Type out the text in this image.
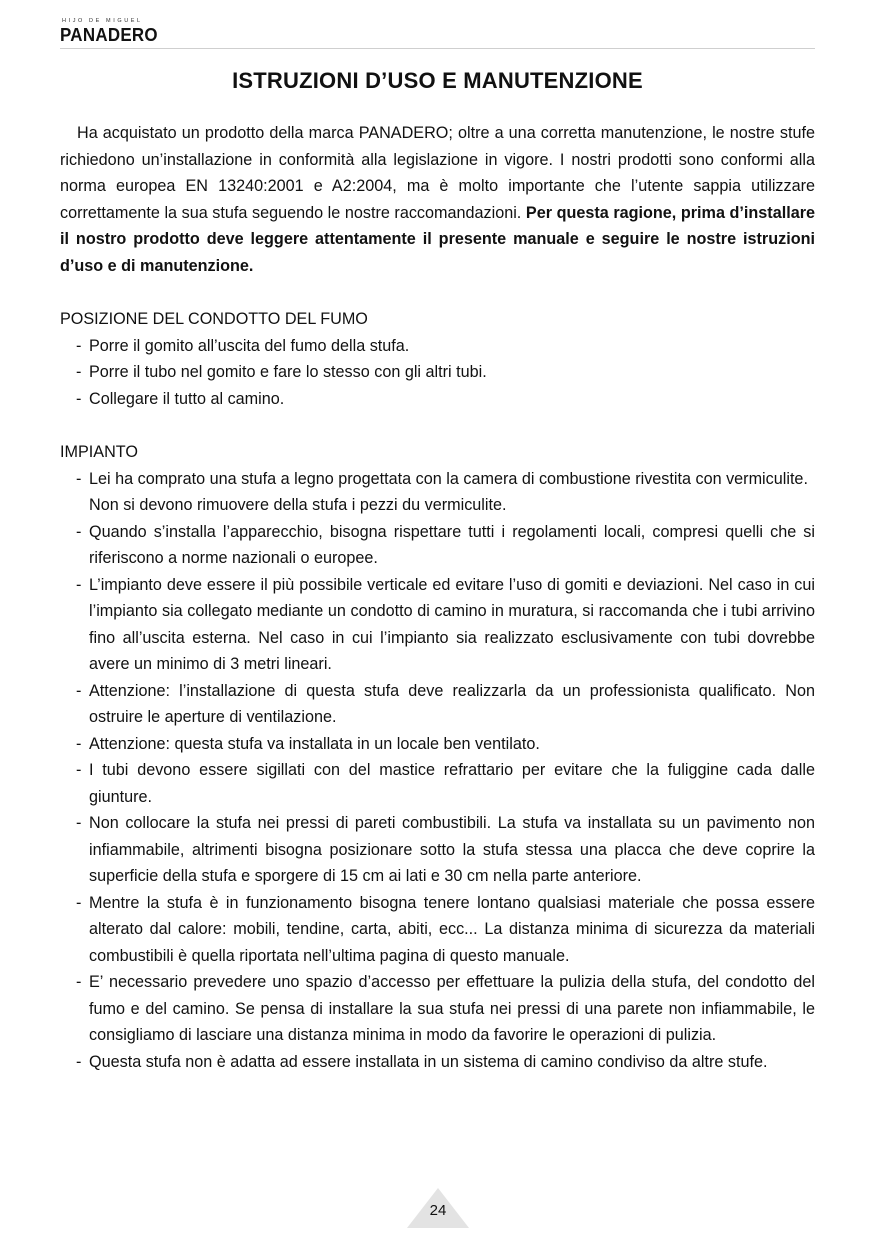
HIJO DE MIGUEL
PANADERO
ISTRUZIONI D’USO E MANUTENZIONE

Ha acquistato un prodotto della marca PANADERO; oltre a una corretta manutenzione, le nostre stufe richiedono un’installazione in conformità alla legislazione in vigore. I nostri prodotti sono conformi alla norma europea EN 13240:2001 e A2:2004, ma è molto importante che l’utente sappia utilizzare correttamente la sua stufa seguendo le nostre raccomandazioni. Per questa ragione, prima d’installare il nostro prodotto deve leggere attentamente il presente manuale e seguire le nostre istruzioni d’uso e di manutenzione.

POSIZIONE DEL CONDOTTO DEL FUMO
- Porre il gomito all’uscita del fumo della stufa.
- Porre il tubo nel gomito e fare lo stesso con gli altri tubi.
- Collegare il tutto al camino.
IMPIANTO
- Lei ha comprato una stufa a legno progettata con la camera di combustione rivestita con vermiculite.
Non si devono rimuovere della stufa i pezzi du vermiculite.
- Quando s’installa l’apparecchio, bisogna rispettare tutti i regolamenti locali, compresi quelli che si riferiscono a norme nazionali o europee.
- L’impianto deve essere il più possibile verticale ed evitare l’uso di gomiti e deviazioni. Nel caso in cui l’impianto sia collegato mediante un condotto di camino in muratura, si raccomanda che i tubi arrivino fino all’uscita esterna. Nel caso in cui l’impianto sia realizzato esclusivamente con tubi dovrebbe avere un minimo di 3 metri lineari.
- Attenzione: l’installazione di questa stufa deve realizzarla da un professionista qualificato. Non ostruire le aperture di ventilazione.
- Attenzione: questa stufa va installata in un locale ben ventilato.
- I tubi devono essere sigillati con del mastice refrattario per evitare che la fuliggine cada dalle giunture.
- Non collocare la stufa nei pressi di pareti combustibili. La stufa va installata su un pavimento non infiammabile, altrimenti bisogna posizionare sotto la stufa stessa una placca che deve coprire la superficie della stufa e sporgere di 15 cm ai lati e 30 cm nella parte anteriore.
- Mentre la stufa è in funzionamento bisogna tenere lontano qualsiasi materiale che possa essere alterato dal calore: mobili, tendine, carta, abiti, ecc... La distanza minima di sicurezza da materiali combustibili è quella riportata nell’ultima pagina di questo manuale.
- E’ necessario prevedere uno spazio d’accesso per effettuare la pulizia della stufa, del condotto del fumo e del camino. Se pensa di installare la sua stufa nei pressi di una parete non infiammabile, le consigliamo di lasciare una distanza minima in modo da favorire le operazioni di pulizia.
- Questa stufa non è adatta ad essere installata in un sistema di camino condiviso da altre stufe.
24
